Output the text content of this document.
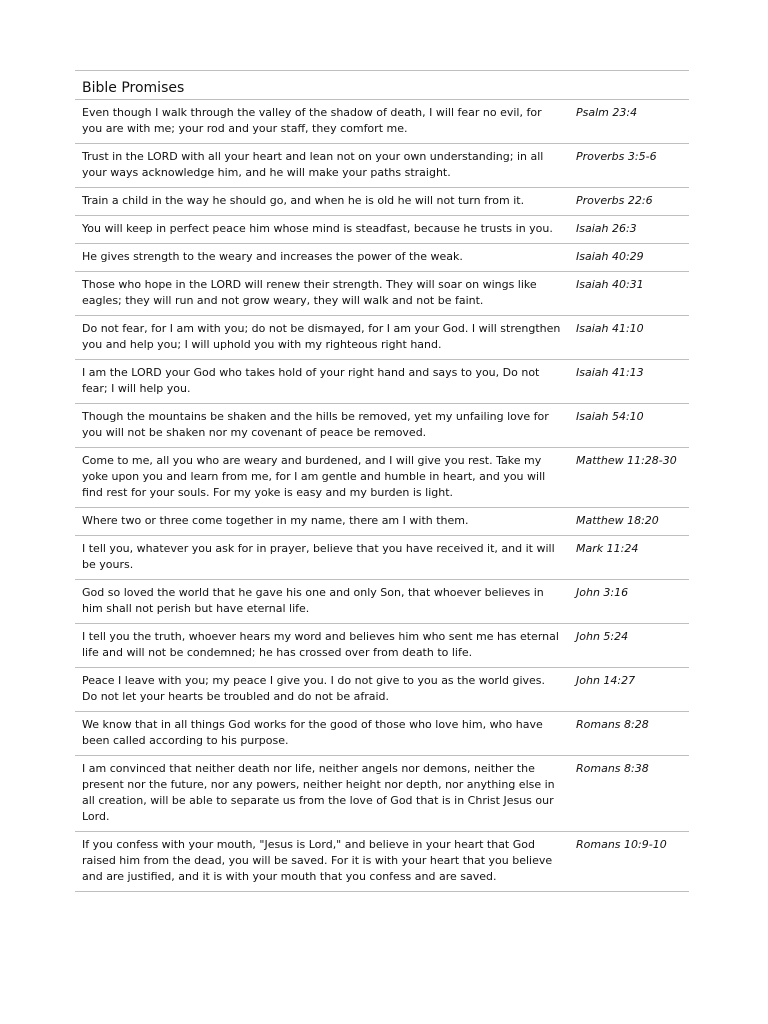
Bible Promises
Even though I walk through the valley of the shadow of death, I will fear no evil, for you are with me; your rod and your staff, they comfort me.	Psalm 23:4
Trust in the LORD with all your heart and lean not on your own understanding; in all your ways acknowledge him, and he will make your paths straight.	Proverbs 3:5-6
Train a child in the way he should go, and when he is old he will not turn from it.	Proverbs 22:6
You will keep in perfect peace him whose mind is steadfast, because he trusts in you.	Isaiah 26:3
He gives strength to the weary and increases the power of the weak.	Isaiah 40:29
Those who hope in the LORD will renew their strength. They will soar on wings like eagles; they will run and not grow weary, they will walk and not be faint.	Isaiah 40:31
Do not fear, for I am with you; do not be dismayed, for I am your God. I will strengthen you and help you; I will uphold you with my righteous right hand.	Isaiah 41:10
I am the LORD your God who takes hold of your right hand and says to you, Do not fear; I will help you.	Isaiah 41:13
Though the mountains be shaken and the hills be removed, yet my unfailing love for you will not be shaken nor my covenant of peace be removed.	Isaiah 54:10
Come to me, all you who are weary and burdened, and I will give you rest. Take my yoke upon you and learn from me, for I am gentle and humble in heart, and you will find rest for your souls. For my yoke is easy and my burden is light.	Matthew 11:28-30
Where two or three come together in my name, there am I with them.	Matthew 18:20
I tell you, whatever you ask for in prayer, believe that you have received it, and it will be yours.	Mark 11:24
God so loved the world that he gave his one and only Son, that whoever believes in him shall not perish but have eternal life.	John 3:16
I tell you the truth, whoever hears my word and believes him who sent me has eternal life and will not be condemned; he has crossed over from death to life.	John 5:24
Peace I leave with you; my peace I give you. I do not give to you as the world gives. Do not let your hearts be troubled and do not be afraid.	John 14:27
We know that in all things God works for the good of those who love him, who have been called according to his purpose.	Romans 8:28
I am convinced that neither death nor life, neither angels nor demons, neither the present nor the future, nor any powers, neither height nor depth, nor anything else in all creation, will be able to separate us from the love of God that is in Christ Jesus our Lord.	Romans 8:38
If you confess with your mouth, "Jesus is Lord," and believe in your heart that God raised him from the dead, you will be saved. For it is with your heart that you believe and are justified, and it is with your mouth that you confess and are saved.	Romans 10:9-10
